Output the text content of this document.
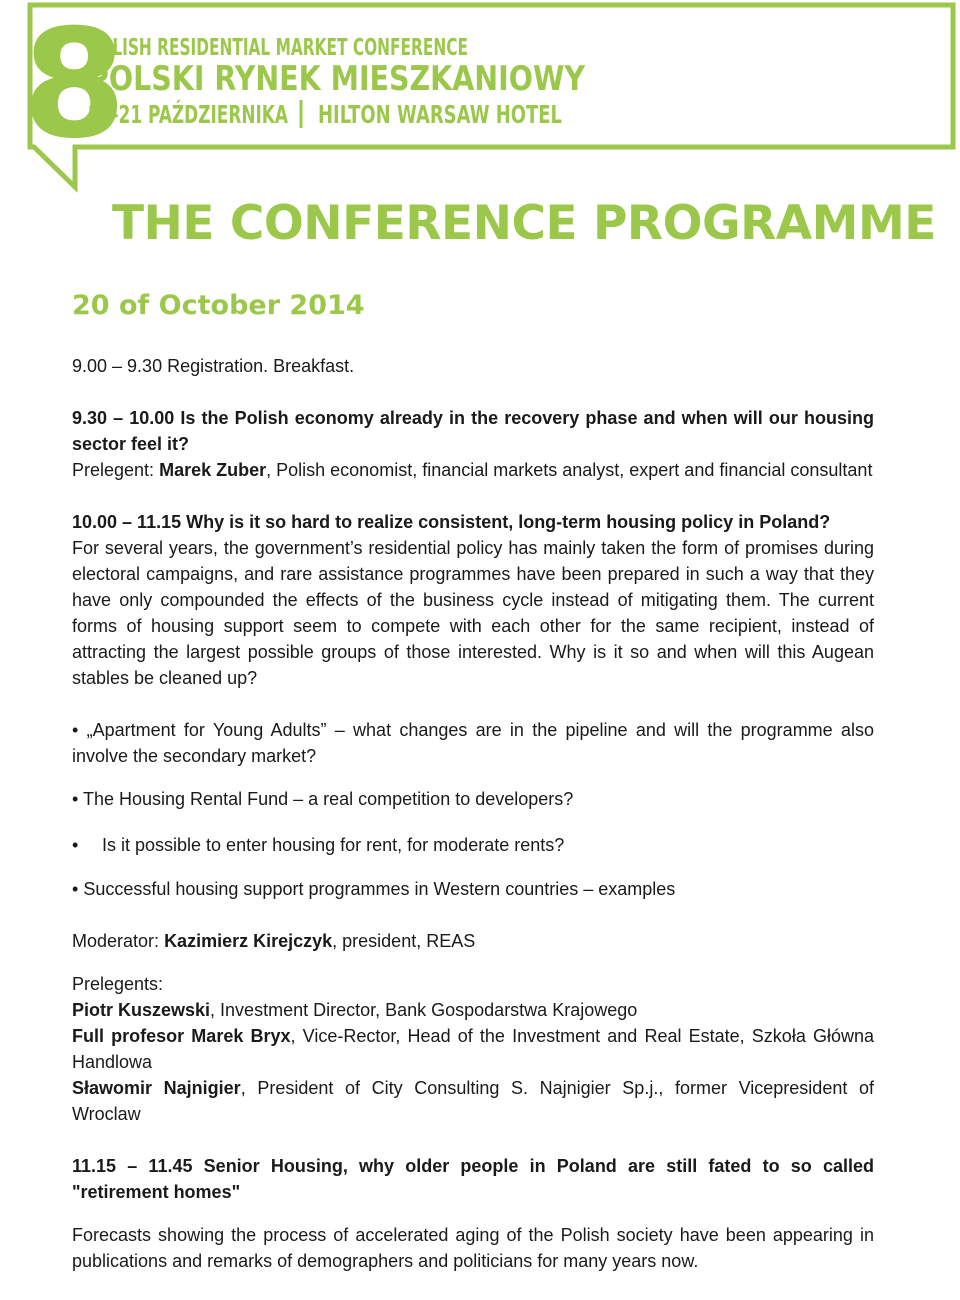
8
POLISH RESIDENTIAL MARKET CONFERENCE
POLSKI RYNEK MIESZKANIOWY
20-21 PAŹDZIERNIKA HILTON WARSAW HOTEL
THE CONFERENCE PROGRAMME
20 of October 2014

9.00 – 9.30 Registration. Breakfast.

9.30 – 10.00 Is the Polish economy already in the recovery phase and when will our housing sector feel it?

Prelegent: Marek Zuber, Polish economist, financial markets analyst, expert and financial consultant

10.00 – 11.15 Why is it so hard to realize consistent, long-term housing policy in Poland?

For several years, the government’s residential policy has mainly taken the form of promises during electoral campaigns, and rare assistance programmes have been prepared in such a way that they have only compounded the effects of the business cycle instead of mitigating them. The current forms of housing support seem to compete with each other for the same recipient, instead of attracting the largest possible groups of those interested. Why is it so and when will this Augean stables be cleaned up?

• „Apartment for Young Adults” – what changes are in the pipeline and will the programme also involve the secondary market?

• The Housing Rental Fund – a real competition to developers?

• Is it possible to enter housing for rent, for moderate rents?

• Successful housing support programmes in Western countries – examples

Moderator: Kazimierz Kirejczyk, president, REAS

Prelegents:

Piotr Kuszewski, Investment Director, Bank Gospodarstwa Krajowego

Full profesor Marek Bryx, Vice-Rector, Head of the Investment and Real Estate, Szkoła Główna Handlowa

Sławomir Najnigier, President of City Consulting S. Najnigier Sp.j., former Vicepresident of Wroclaw

11.15 – 11.45 Senior Housing, why older people in Poland are still fated to so called "retirement homes"

Forecasts showing the process of accelerated aging of the Polish society have been appearing in publications and remarks of demographers and politicians for many years now.
